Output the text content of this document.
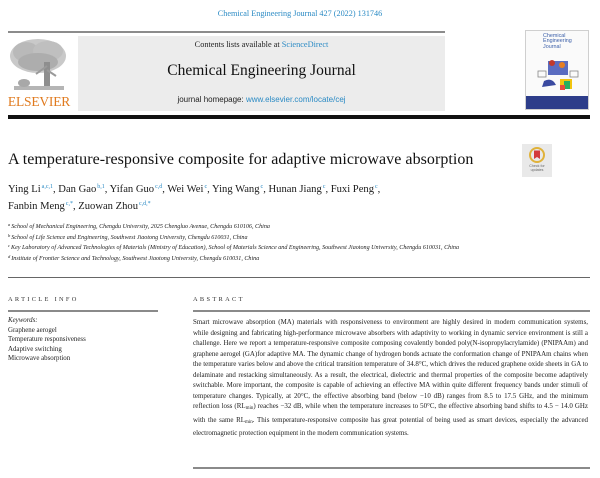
Chemical Engineering Journal 427 (2022) 131746
ELSEVIER
Contents lists available at ScienceDirect
Chemical Engineering Journal
journal homepage: www.elsevier.com/locate/cej
Chemical
Engineering
Journal
A temperature-responsive composite for adaptive microwave absorption	Check for
updates
Ying Li$^{a,c,1}$, Dan Gao$^{b,1}$, Yifan Guo$^{c,d}$, Wei Wei$^c$, Ying Wang$^c$, Hunan Jiang$^c$, Fuxi Peng$^c$,
Fanbin Meng$^{c,*}$, Zuowan Zhou$^{c,d,*}$
$^a$School of Mechanical Engineering, Chengdu University, 2025 Chengluo Avenue, Chengdu 610106, China
$^b$School of Life Science and Engineering, Southwest Jiaotong University, Chengdu 610031, China
$^c$Key Laboratory of Advanced Technologies of Materials (Ministry of Education), School of Materials Science and Engineering, Southwest Jiaotong University, Chengdu 610031, China
$^d$Institute of Frontier Science and Technology, Southwest Jiaotong University, Chengdu 610031, China
ARTICLE INFO
Keywords:
Graphene aerogel
Temperature responsiveness
Adaptive switching
Microwave absorption
ABSTRACT
Smart microwave absorption (MA) materials with responsiveness to environment are highly desired in modern communication systems, while designing and fabricating high-performance microwave absorbers with adaptivity to working in dynamic service environment is still a challenge. Here we report a temperature-responsive composite composing covalently bonded poly(N-isopropylacrylamide) (PNIPAAm) and graphene aerogel (GA)for adaptive MA. The dynamic change of hydrogen bonds actuate the conformation change of PNIPAAm chains when the temperature varies below and above the critical transition temperature of 34.8°C, which drives the reduced graphene oxide sheets in GA to delaminate and restacking simultaneously. As a result, the electrical, dielectric and thermal properties of the composite become adaptively switchable. More important, the composite is capable of achieving an effective MA within quite different frequency bands under stimuli of temperature changes. Typically, at 20°C, the effective absorbing band (below −10 dB) ranges from 8.5 to 17.5 GHz, and the minimum reflection loss $(RL_{min})$ reaches −32 dB, while when the temperature increases to 50°C, the effective absorbing band shifts to 4.5 − 14.0 GHz with the same $RL_{min}$. This temperature-responsive composite has great potential of being used as smart devices, especially the advanced electromagnetic protection equipment in the modern communication systems.
